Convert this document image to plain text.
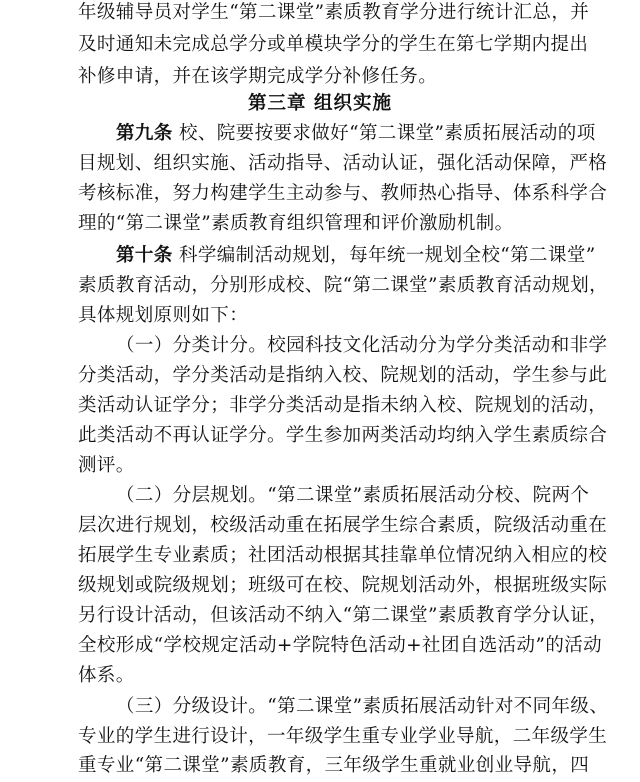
年级辅导员对学生“第二课堂”素质教育学分进行统计汇总，并
及时通知未完成总学分或单模块学分的学生在第七学期内提出
补修申请，并在该学期完成学分补修任务。
第三章 组织实施
第九条 校、院要按要求做好“第二课堂”素质拓展活动的项
目规划、组织实施、活动指导、活动认证，强化活动保障，严格
考核标准，努力构建学生主动参与、教师热心指导、体系科学合
理的“第二课堂”素质教育组织管理和评价激励机制。
第十条 科学编制活动规划，每年统一规划全校“第二课堂”
素质教育活动，分别形成校、院“第二课堂”素质教育活动规划，
具体规划原则如下：
（一）分类计分。校园科技文化活动分为学分类活动和非学
分类活动，学分类活动是指纳入校、院规划的活动，学生参与此
类活动认证学分；非学分类活动是指未纳入校、院规划的活动，
此类活动不再认证学分。学生参加两类活动均纳入学生素质综合
测评。
（二）分层规划。“第二课堂”素质拓展活动分校、院两个
层次进行规划，校级活动重在拓展学生综合素质，院级活动重在
拓展学生专业素质；社团活动根据其挂靠单位情况纳入相应的校
级规划或院级规划；班级可在校、院规划活动外，根据班级实际
另行设计活动，但该活动不纳入“第二课堂”素质教育学分认证，
全校形成“学校规定活动+学院特色活动+社团自选活动”的活动
体系。
（三）分级设计。“第二课堂”素质拓展活动针对不同年级、
专业的学生进行设计，一年级学生重专业学业导航，二年级学生
重专业“第二课堂”素质教育，三年级学生重就业创业导航，四
